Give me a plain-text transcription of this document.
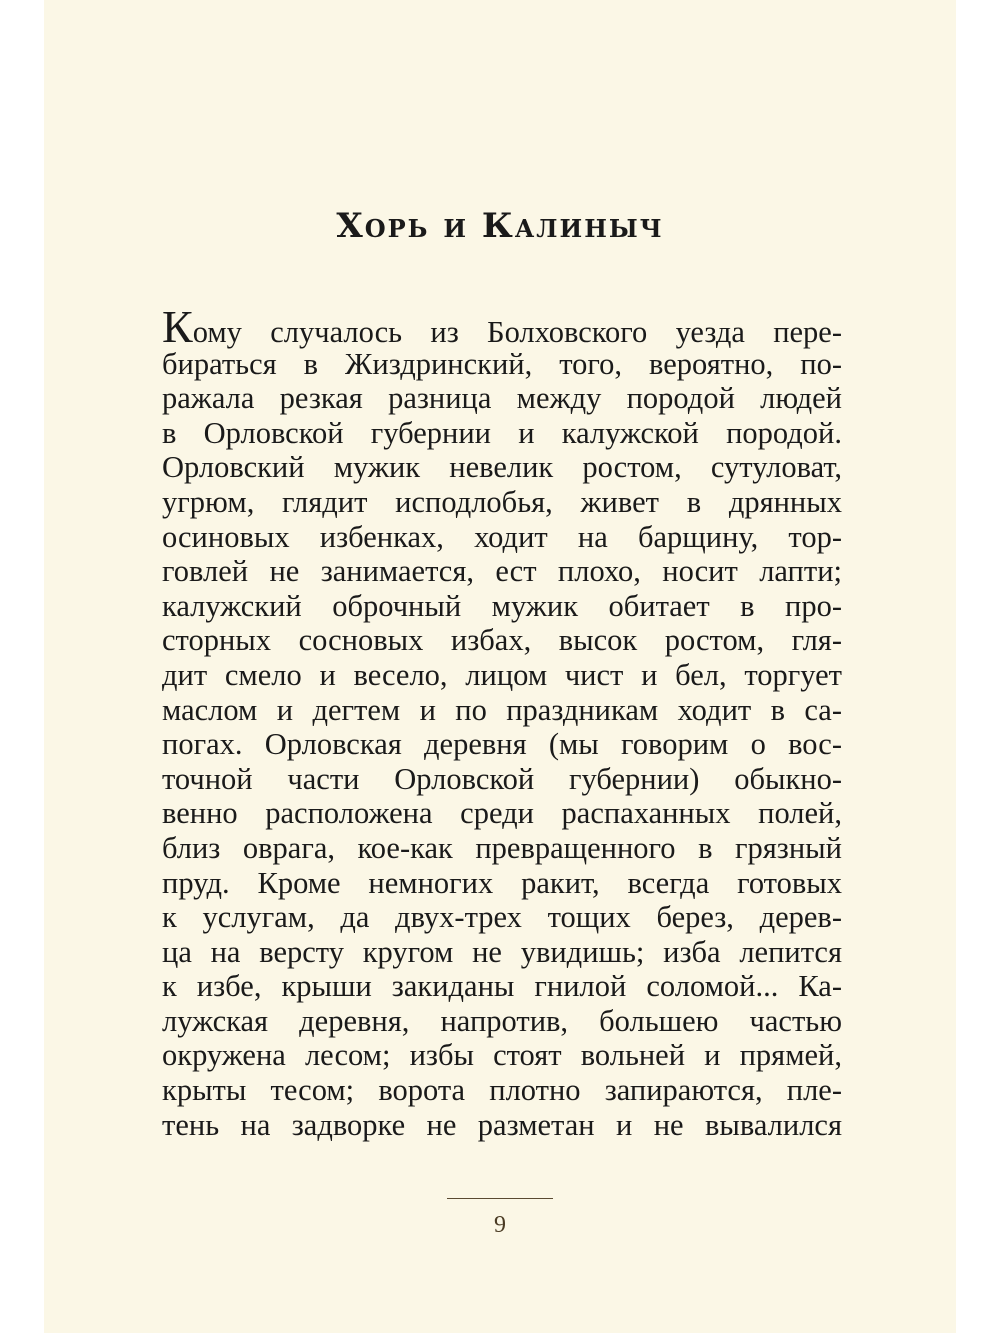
Хорь и Калиныч
Кому случалось из Болховского уезда пере-
бираться в Жиздринский, того, вероятно, по-
ражала резкая разница между породой людей
в Орловской губернии и калужской породой.
Орловский мужик невелик ростом, сутуловат,
угрюм, глядит исподлобья, живет в дрянных
осиновых избенках, ходит на барщину, тор-
говлей не занимается, ест плохо, носит лапти;
калужский оброчный мужик обитает в про-
сторных сосновых избах, высок ростом, гля-
дит смело и весело, лицом чист и бел, торгует
маслом и дегтем и по праздникам ходит в са-
погах. Орловская деревня (мы говорим о вос-
точной части Орловской губернии) обыкно-
венно расположена среди распаханных полей,
близ оврага, кое-как превращенного в грязный
пруд. Кроме немногих ракит, всегда готовых
к услугам, да двух-трех тощих берез, дерев-
ца на версту кругом не увидишь; изба лепится
к избе, крыши закиданы гнилой соломой... Ка-
лужская деревня, напротив, большею частью
окружена лесом; избы стоят вольней и прямей,
крыты тесом; ворота плотно запираются, пле-
тень на задворке не разметан и не вывалился
9
